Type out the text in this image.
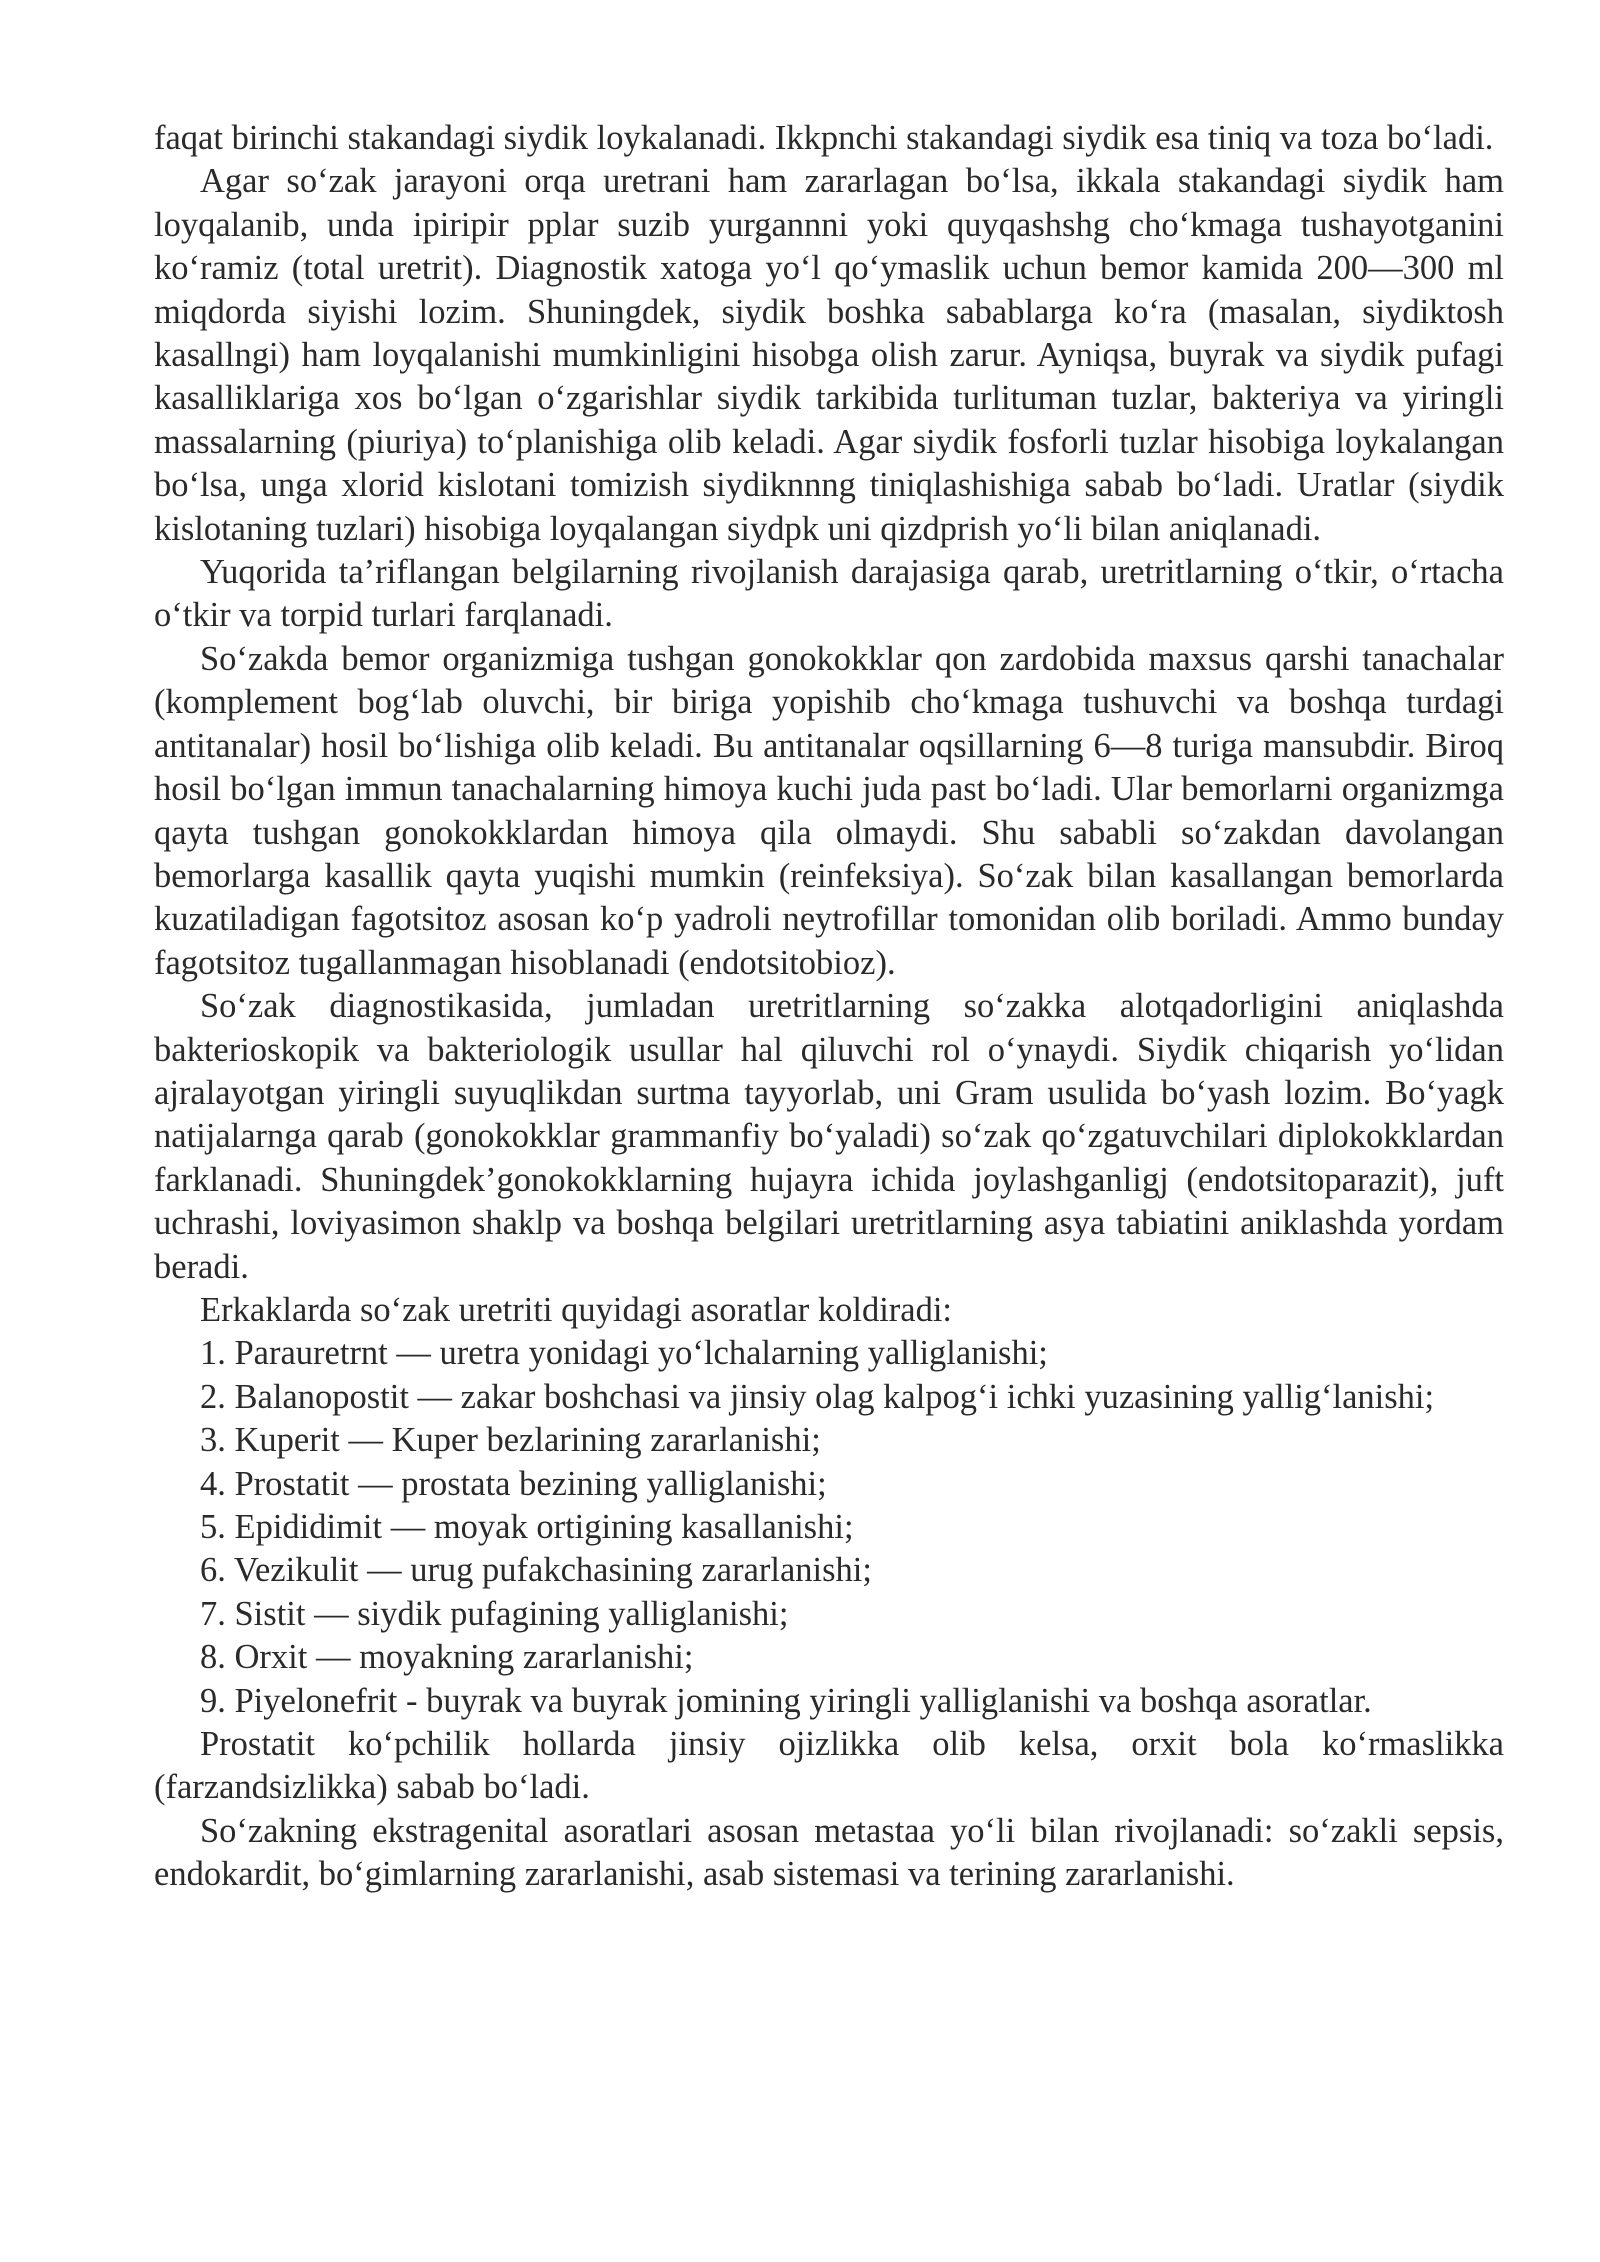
faqat birinchi stakandagi siydik loykalanadi. Ikkpnchi stakandagi siydik esa tiniq va toza bo‘ladi.

Agar so‘zak jarayoni orqa uretrani ham zararlagan bo‘lsa, ikkala stakandagi siydik ham loyqalanib, unda ipiripir pplar suzib yurgannni yoki quyqashshg cho‘kmaga tushayotganini ko‘ramiz (total uretrit). Diagnostik xatoga yo‘l qo‘ymaslik uchun bemor kamida 200—300 ml miqdorda siyishi lozim. Shuningdek, siydik boshka sabablarga ko‘ra (masalan, siydiktosh kasallngi) ham loyqalanishi mumkinligini hisobga olish zarur. Ayniqsa, buyrak va siydik pufagi kasalliklariga xos bo‘lgan o‘zgarishlar siydik tarkibida turlituman tuzlar, bakteriya va yiringli massalarning (piuriya) to‘planishiga olib keladi. Agar siydik fosforli tuzlar hisobiga loykalangan bo‘lsa, unga xlorid kislotani tomizish siydiknnng tiniqlashishiga sabab bo‘ladi. Uratlar (siydik kislotaning tuzlari) hisobiga loyqalangan siydpk uni qizdprish yo‘li bilan aniqlanadi.

Yuqorida ta’riflangan belgilarning rivojlanish darajasiga qarab, uretritlarning o‘tkir, o‘rtacha o‘tkir va torpid turlari farqlanadi.

So‘zakda bemor organizmiga tushgan gonokokklar qon zardobida maxsus qarshi tanachalar (komplement bog‘lab oluvchi, bir biriga yopishib cho‘kmaga tushuvchi va boshqa turdagi antitanalar) hosil bo‘lishiga olib keladi. Bu antitanalar oqsillarning 6—8 turiga mansubdir. Biroq hosil bo‘lgan immun tanachalarning himoya kuchi juda past bo‘ladi. Ular bemorlarni organizmga qayta tushgan gonokokklardan himoya qila olmaydi. Shu sababli so‘zakdan davolangan bemorlarga kasallik qayta yuqishi mumkin (reinfeksiya). So‘zak bilan kasallangan bemorlarda kuzatiladigan fagotsitoz asosan ko‘p yadroli neytrofillar tomonidan olib boriladi. Ammo bunday fagotsitoz tugallanmagan hisoblanadi (endotsitobioz).

So‘zak diagnostikasida, jumladan uretritlarning so‘zakka alotqadorligini aniqlashda bakterioskopik va bakteriologik usullar hal qiluvchi rol o‘ynaydi. Siydik chiqarish yo‘lidan ajralayotgan yiringli suyuqlikdan surtma tayyorlab, uni Gram usulida bo‘yash lozim. Bo‘yagk natijalarnga qarab (gonokokklar grammanfiy bo‘yaladi) so‘zak qo‘zgatuvchilari diplokokklardan farklanadi. Shuningdek’gonokokklarning hujayra ichida joylashganligj (endotsitoparazit), juft uchrashi, loviyasimon shaklp va boshqa belgilari uretritlarning asya tabiatini aniklashda yordam beradi.

Erkaklarda so‘zak uretriti quyidagi asoratlar koldiradi:

1. Parauretrnt — uretra yonidagi yo‘lchalarning yalliglanishi;
2. Balanopostit — zakar boshchasi va jinsiy olag kalpog‘i ichki yuzasining yallig‘lanishi;
3. Kuperit — Kuper bezlarining zararlanishi;
4. Prostatit — prostata bezining yalliglanishi;
5. Epididimit — moyak ortigining kasallanishi;
6. Vezikulit — urug pufakchasining zararlanishi;
7. Sistit — siydik pufagining yalliglanishi;
8. Orxit — moyakning zararlanishi;
9. Piyelonefrit - buyrak va buyrak jomining yiringli yalliglanishi va boshqa asoratlar.

Prostatit ko‘pchilik hollarda jinsiy ojizlikka olib kelsa, orxit bola ko‘rmaslikka (farzandsizlikka) sabab bo‘ladi.

So‘zakning ekstragenital asoratlari asosan metastaa yo‘li bilan rivojlanadi: so‘zakli sepsis, endokardit, bo‘gimlarning zararlanishi, asab sistemasi va terining zararlanishi.
